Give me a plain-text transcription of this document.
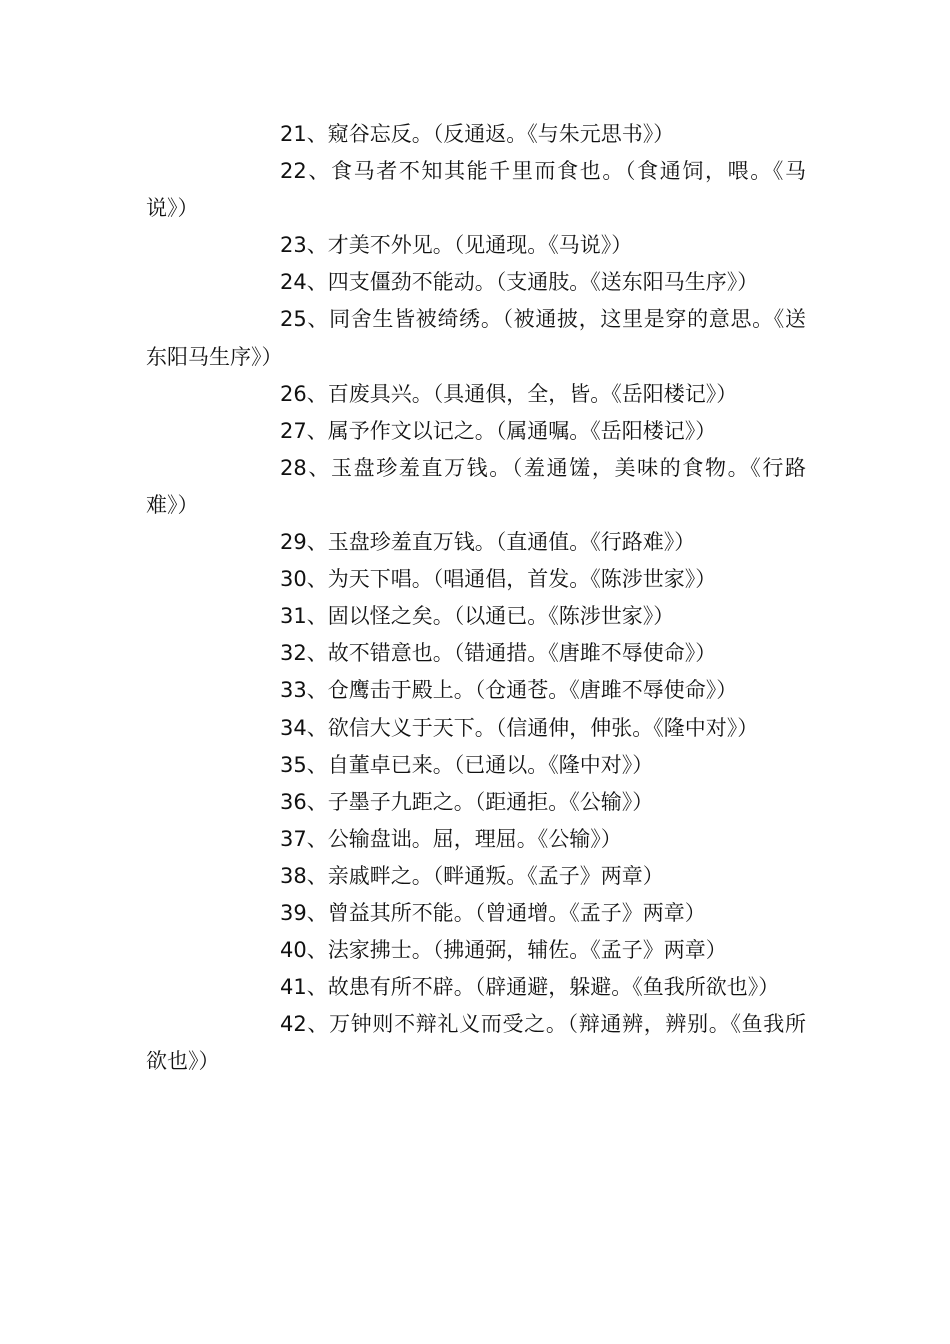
21、窥谷忘反。（反通返。《与朱元思书》）

22、食马者不知其能千里而食也。（食通饲，喂。《马说》）

23、才美不外见。（见通现。《马说》）

24、四支僵劲不能动。（支通肢。《送东阳马生序》）

25、同舍生皆被绮绣。（被通披，这里是穿的意思。《送东阳马生序》）

26、百废具兴。（具通俱，全，皆。《岳阳楼记》）

27、属予作文以记之。（属通嘱。《岳阳楼记》）

28、玉盘珍羞直万钱。（羞通馐，美味的食物。《行路难》）

29、玉盘珍羞直万钱。（直通值。《行路难》）

30、为天下唱。（唱通倡，首发。《陈涉世家》）

31、固以怪之矣。（以通已。《陈涉世家》）

32、故不错意也。（错通措。《唐雎不辱使命》）

33、仓鹰击于殿上。（仓通苍。《唐雎不辱使命》）

34、欲信大义于天下。（信通伸，伸张。《隆中对》）

35、自董卓已来。（已通以。《隆中对》）

36、子墨子九距之。（距通拒。《公输》）

37、公输盘诎。屈，理屈。《公输》）

38、亲戚畔之。（畔通叛。《孟子》两章）

39、曾益其所不能。（曾通增。《孟子》两章）

40、法家拂士。（拂通弼，辅佐。《孟子》两章）

41、故患有所不辟。（辟通避，躲避。《鱼我所欲也》）

42、万钟则不辩礼义而受之。（辩通辨，辨别。《鱼我所欲也》）
